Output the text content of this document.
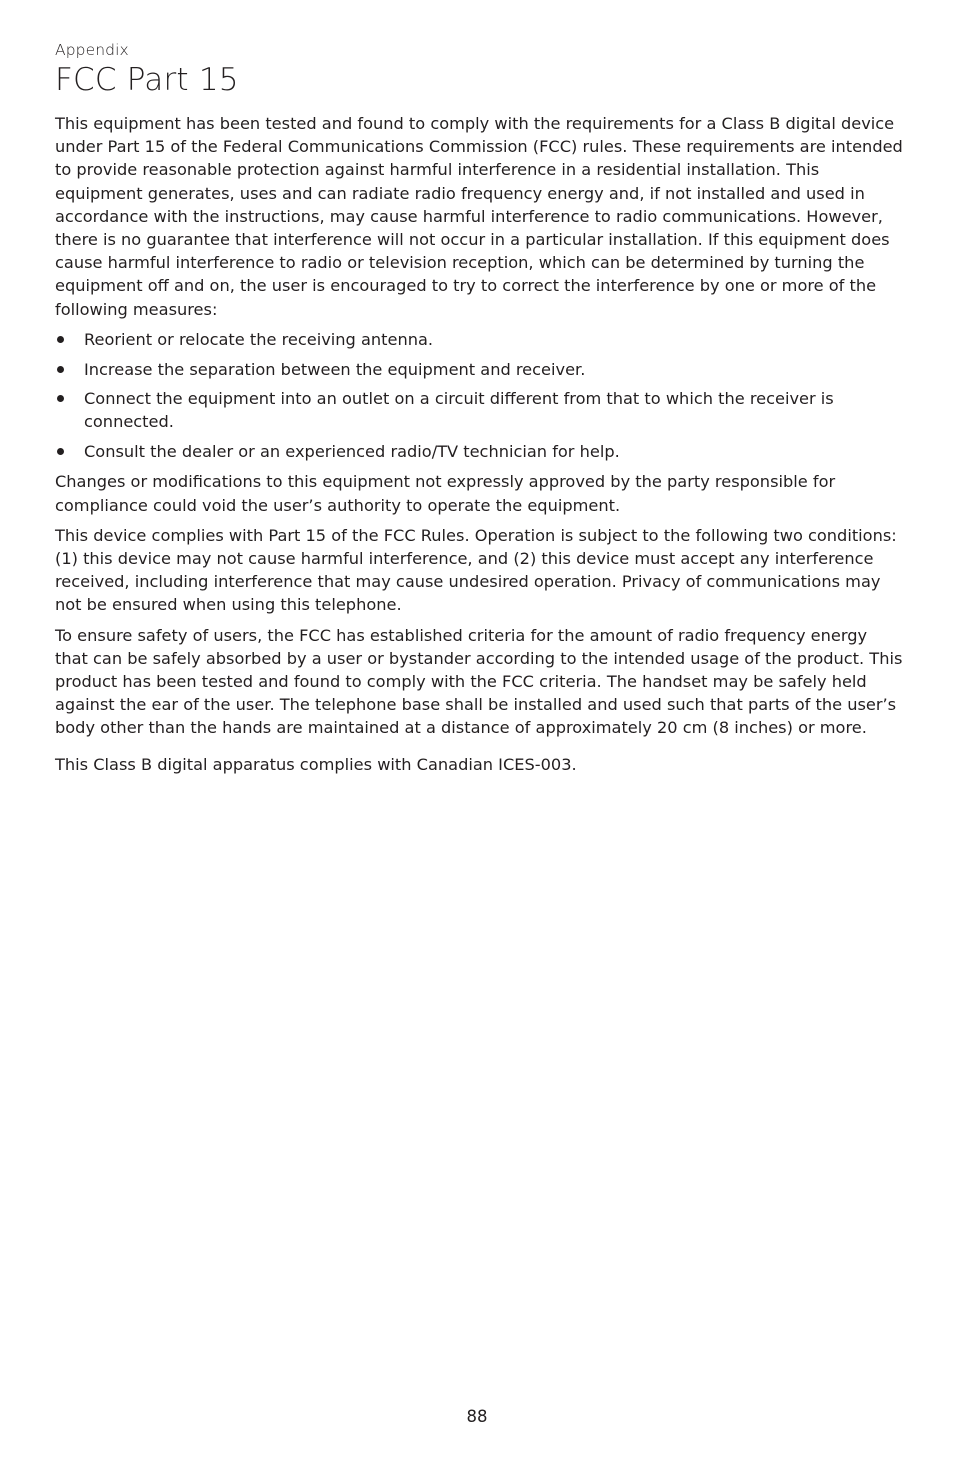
Appendix

FCC Part 15

This equipment has been tested and found to comply with the requirements for a Class B digital device under Part 15 of the Federal Communications Commission (FCC) rules. These requirements are intended to provide reasonable protection against harmful interference in a residential installation. This equipment generates, uses and can radiate radio frequency energy and, if not installed and used in accordance with the instructions, may cause harmful interference to radio communications. However, there is no guarantee that interference will not occur in a particular installation. If this equipment does cause harmful interference to radio or television reception, which can be determined by turning the equipment off and on, the user is encouraged to try to correct the interference by one or more of the following measures:

Reorient or relocate the receiving antenna.
Increase the separation between the equipment and receiver.
Connect the equipment into an outlet on a circuit different from that to which the receiver is connected.
Consult the dealer or an experienced radio/TV technician for help.

Changes or modifications to this equipment not expressly approved by the party responsible for compliance could void the user’s authority to operate the equipment.

This device complies with Part 15 of the FCC Rules. Operation is subject to the following two conditions: (1) this device may not cause harmful interference, and (2) this device must accept any interference received, including interference that may cause undesired operation. Privacy of communications may not be ensured when using this telephone.

To ensure safety of users, the FCC has established criteria for the amount of radio frequency energy that can be safely absorbed by a user or bystander according to the intended usage of the product. This product has been tested and found to comply with the FCC criteria. The handset may be safely held against the ear of the user. The telephone base shall be installed and used such that parts of the user’s body other than the hands are maintained at a distance of approximately 20 cm (8 inches) or more.

This Class B digital apparatus complies with Canadian ICES-003.

88
